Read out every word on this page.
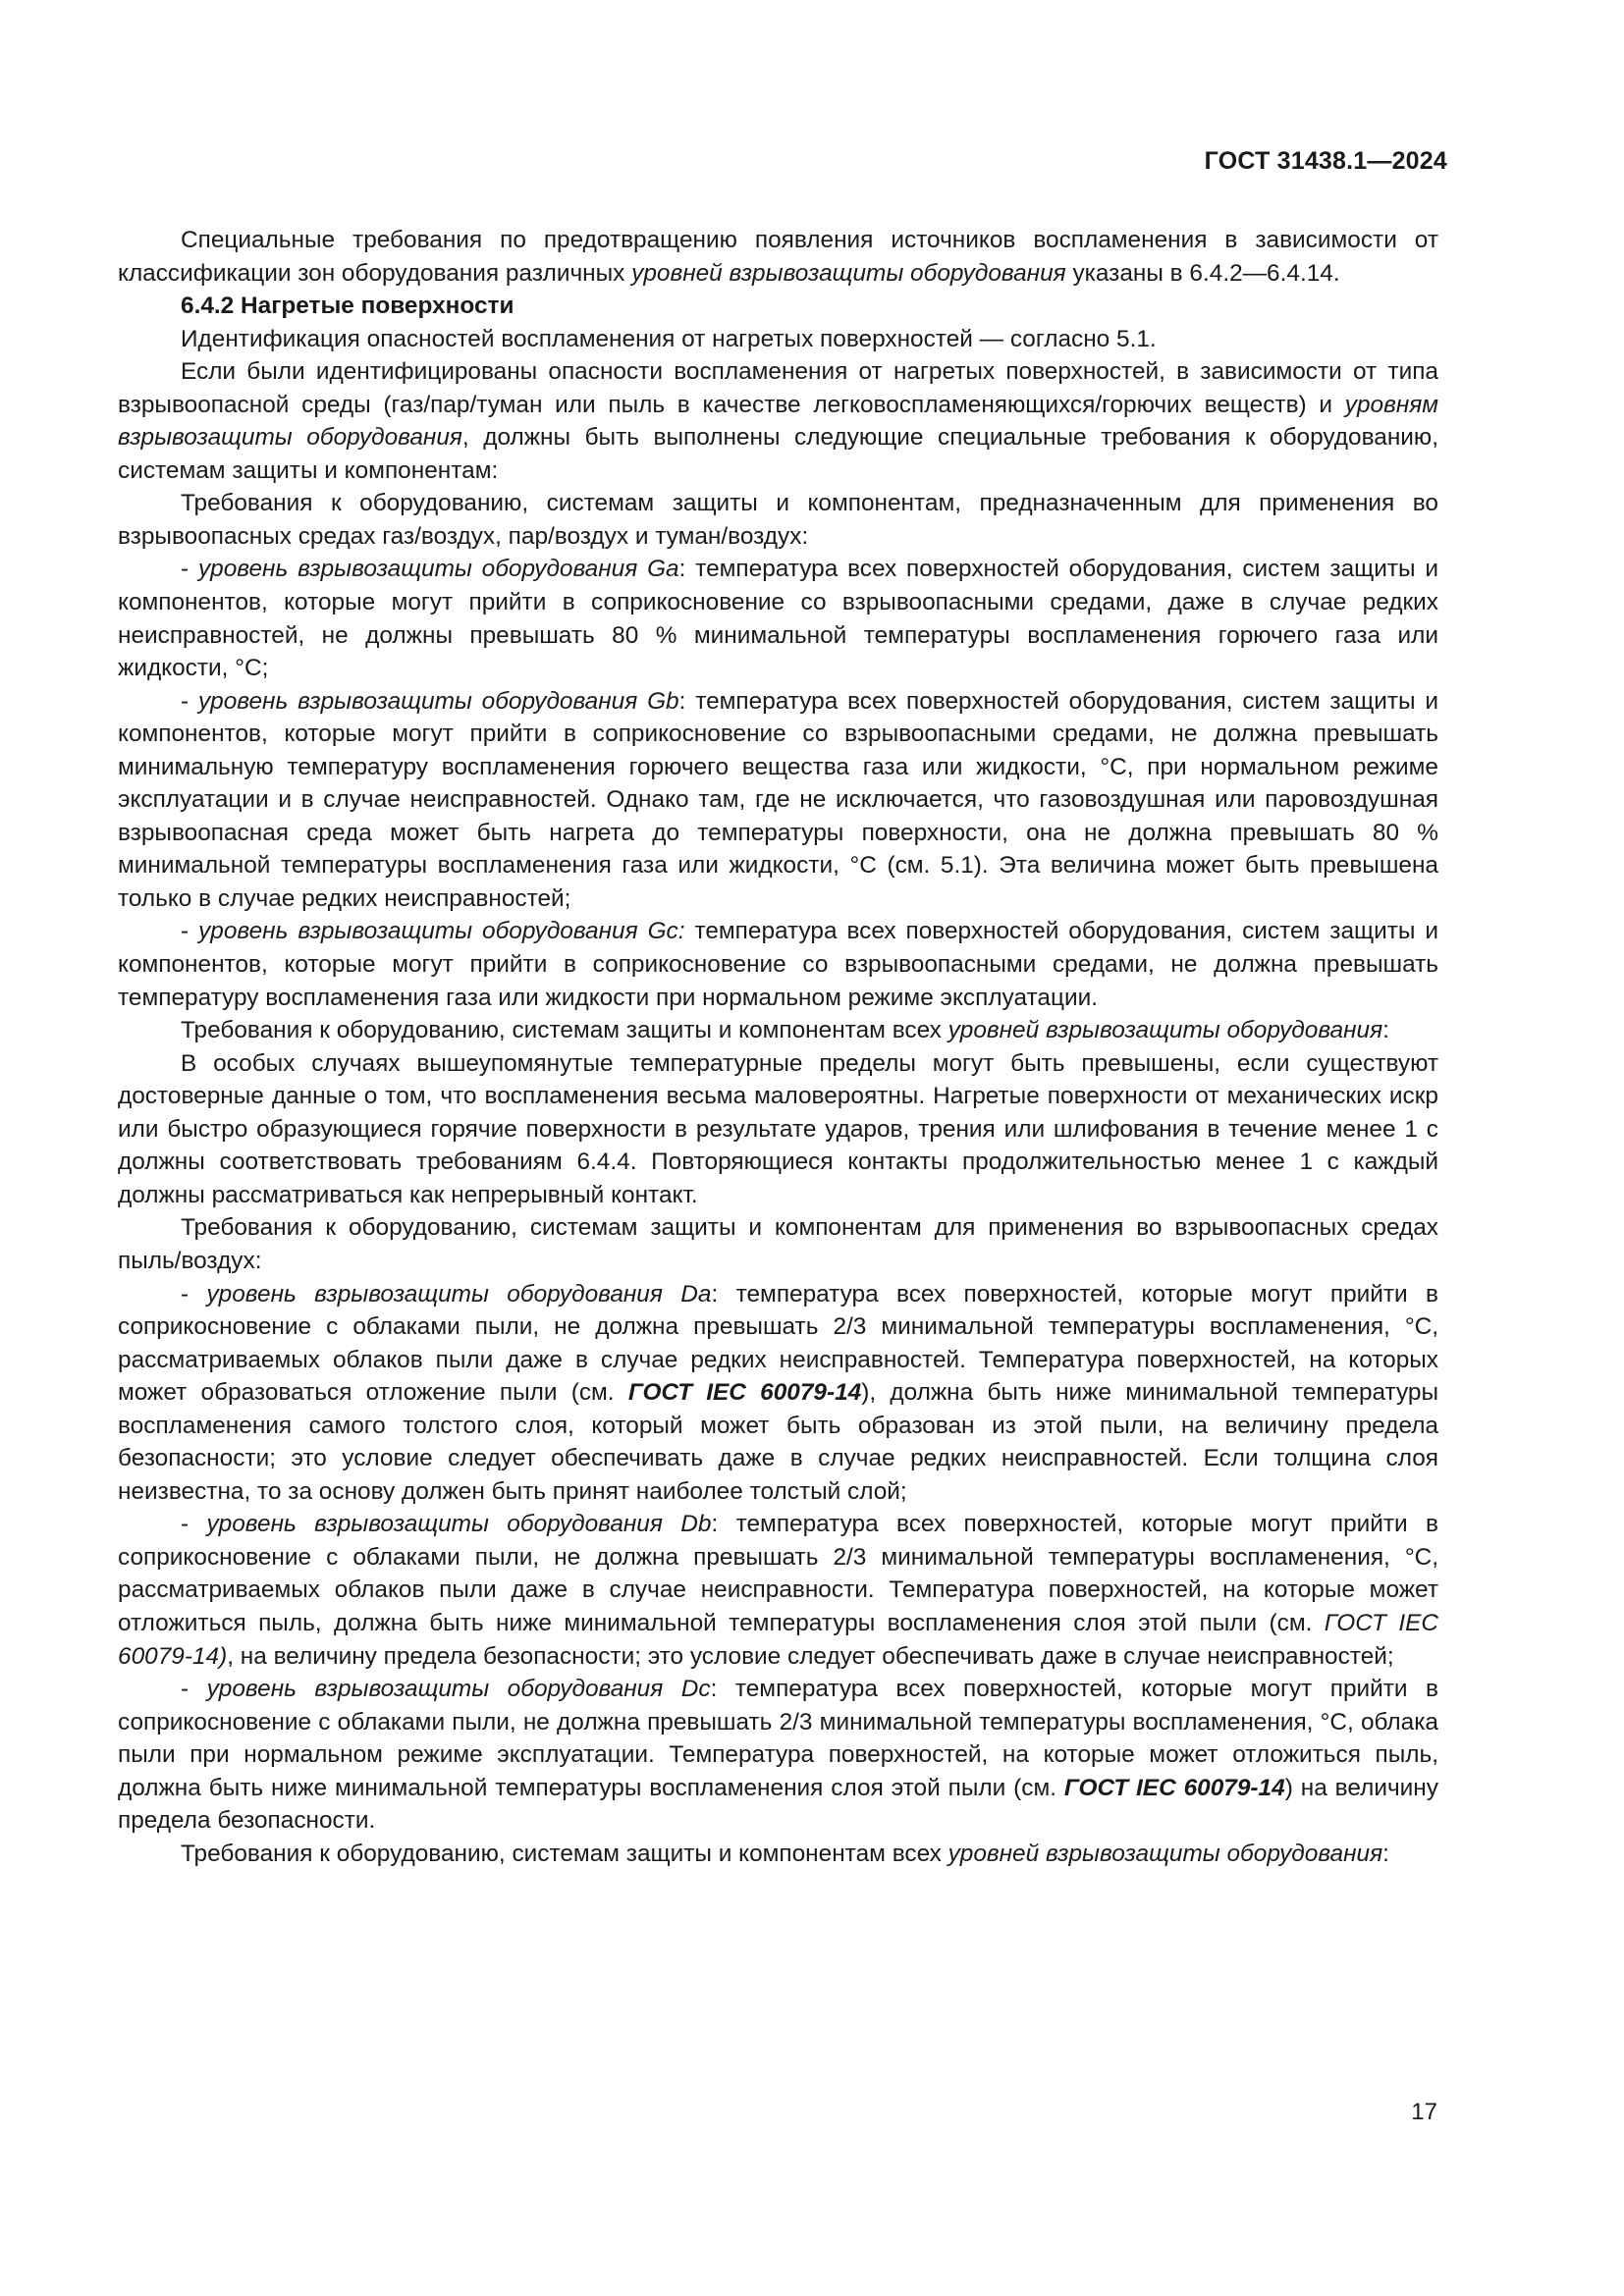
ГОСТ 31438.1—2024

Специальные требования по предотвращению появления источников воспламенения в зависимости от классификации зон оборудования различных уровней взрывозащиты оборудования указаны в 6.4.2—6.4.14.

6.4.2 Нагретые поверхности

Идентификация опасностей воспламенения от нагретых поверхностей — согласно 5.1.

Если были идентифицированы опасности воспламенения от нагретых поверхностей, в зависимости от типа взрывоопасной среды (газ/пар/туман или пыль в качестве легковоспламеняющихся/горючих веществ) и уровням взрывозащиты оборудования, должны быть выполнены следующие специальные требования к оборудованию, системам защиты и компонентам:

Требования к оборудованию, системам защиты и компонентам, предназначенным для применения во взрывоопасных средах газ/воздух, пар/воздух и туман/воздух:

- уровень взрывозащиты оборудования Ga: температура всех поверхностей оборудования, систем защиты и компонентов, которые могут прийти в соприкосновение со взрывоопасными средами, даже в случае редких неисправностей, не должны превышать 80 % минимальной температуры воспламенения горючего газа или жидкости, °С;

- уровень взрывозащиты оборудования Gb: температура всех поверхностей оборудования, систем защиты и компонентов, которые могут прийти в соприкосновение со взрывоопасными средами, не должна превышать минимальную температуру воспламенения горючего вещества газа или жидкости, °С, при нормальном режиме эксплуатации и в случае неисправностей. Однако там, где не исключается, что газовоздушная или паровоздушная взрывоопасная среда может быть нагрета до температуры поверхности, она не должна превышать 80 % минимальной температуры воспламенения газа или жидкости, °С (см. 5.1). Эта величина может быть превышена только в случае редких неисправностей;

- уровень взрывозащиты оборудования Gc: температура всех поверхностей оборудования, систем защиты и компонентов, которые могут прийти в соприкосновение со взрывоопасными средами, не должна превышать температуру воспламенения газа или жидкости при нормальном режиме эксплуатации.

Требования к оборудованию, системам защиты и компонентам всех уровней взрывозащиты оборудования:

В особых случаях вышеупомянутые температурные пределы могут быть превышены, если существуют достоверные данные о том, что воспламенения весьма маловероятны. Нагретые поверхности от механических искр или быстро образующиеся горячие поверхности в результате ударов, трения или шлифования в течение менее 1 с должны соответствовать требованиям 6.4.4. Повторяющиеся контакты продолжительностью менее 1 с каждый должны рассматриваться как непрерывный контакт.

Требования к оборудованию, системам защиты и компонентам для применения во взрывоопасных средах пыль/воздух:

- уровень взрывозащиты оборудования Da: температура всех поверхностей, которые могут прийти в соприкосновение с облаками пыли, не должна превышать 2/3 минимальной температуры воспламенения, °С, рассматриваемых облаков пыли даже в случае редких неисправностей. Температура поверхностей, на которых может образоваться отложение пыли (см. ГОСТ IEC 60079-14), должна быть ниже минимальной температуры воспламенения самого толстого слоя, который может быть образован из этой пыли, на величину предела безопасности; это условие следует обеспечивать даже в случае редких неисправностей. Если толщина слоя неизвестна, то за основу должен быть принят наиболее толстый слой;

- уровень взрывозащиты оборудования Db: температура всех поверхностей, которые могут прийти в соприкосновение с облаками пыли, не должна превышать 2/3 минимальной температуры воспламенения, °С, рассматриваемых облаков пыли даже в случае неисправности. Температура поверхностей, на которые может отложиться пыль, должна быть ниже минимальной температуры воспламенения слоя этой пыли (см. ГОСТ IEC 60079-14), на величину предела безопасности; это условие следует обеспечивать даже в случае неисправностей;

- уровень взрывозащиты оборудования Dc: температура всех поверхностей, которые могут прийти в соприкосновение с облаками пыли, не должна превышать 2/3 минимальной температуры воспламенения, °С, облака пыли при нормальном режиме эксплуатации. Температура поверхностей, на которые может отложиться пыль, должна быть ниже минимальной температуры воспламенения слоя этой пыли (см. ГОСТ IEC 60079-14) на величину предела безопасности.

Требования к оборудованию, системам защиты и компонентам всех уровней взрывозащиты оборудования:

17
